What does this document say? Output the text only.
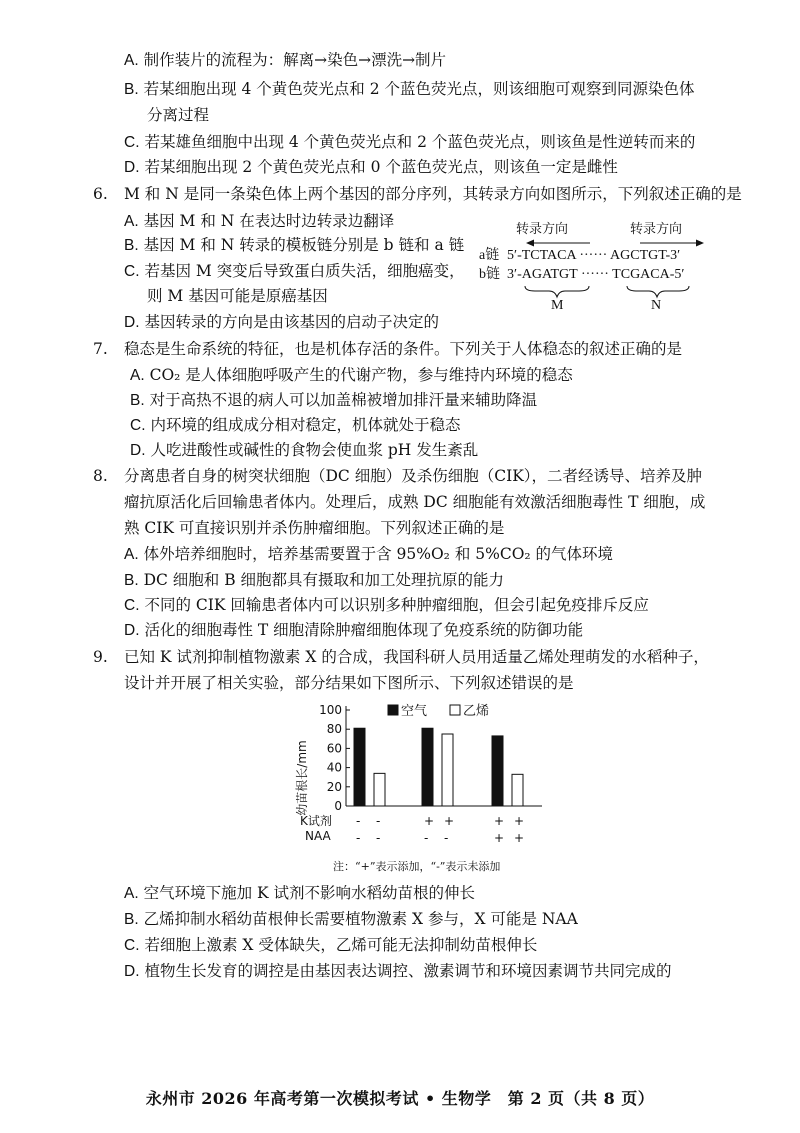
A. 制作装片的流程为：解离→染色→漂洗→制片
B. 若某细胞出现 4 个黄色荧光点和 2 个蓝色荧光点，则该细胞可观察到同源染色体
分离过程
C. 若某雄鱼细胞中出现 4 个黄色荧光点和 2 个蓝色荧光点，则该鱼是性逆转而来的
D. 若某细胞出现 2 个黄色荧光点和 0 个蓝色荧光点，则该鱼一定是雌性
6. M 和 N 是同一条染色体上两个基因的部分序列，其转录方向如图所示，下列叙述正确的是
A. 基因 M 和 N 在表达时边转录边翻译
B. 基因 M 和 N 转录的模板链分别是 b 链和 a 链
C. 若基因 M 突变后导致蛋白质失活，细胞癌变，
则 M 基因可能是原癌基因
D. 基因转录的方向是由该基因的启动子决定的
转录方向	转录方向
a链 5′-TCTACA ······ AGCTGT-3′
b链 3′-AGATGT ······ TCGACA-5′
M	N
7. 稳态是生命系统的特征，也是机体存活的条件。下列关于人体稳态的叙述正确的是
A. CO₂ 是人体细胞呼吸产生的代谢产物，参与维持内环境的稳态
B. 对于高热不退的病人可以加盖棉被增加排汗量来辅助降温
C. 内环境的组成成分相对稳定，机体就处于稳态
D. 人吃进酸性或碱性的食物会使血浆 pH 发生紊乱
8. 分离患者自身的树突状细胞（DC 细胞）及杀伤细胞（CIK），二者经诱导、培养及肿
瘤抗原活化后回输患者体内。处理后，成熟 DC 细胞能有效激活细胞毒性 T 细胞，成
熟 CIK 可直接识别并杀伤肿瘤细胞。下列叙述正确的是
A. 体外培养细胞时，培养基需要置于含 95%O₂ 和 5%CO₂ 的气体环境
B. DC 细胞和 B 细胞都具有摄取和加工处理抗原的能力
C. 不同的 CIK 回输患者体内可以识别多种肿瘤细胞，但会引起免疫排斥反应
D. 活化的细胞毒性 T 细胞清除肿瘤细胞体现了免疫系统的防御功能
9. 已知 K 试剂抑制植物激素 X 的合成，我国科研人员用适量乙烯处理萌发的水稻种子，
设计并开展了相关实验，部分结果如下图所示、下列叙述错误的是
0
20
40
60
80
100	空气	乙烯
幼苗根长/mm
K试剂
NAA
- -	+ +	+ +
- -	- -	+ +
注：“+”表示添加，“-”表示未添加
A. 空气环境下施加 K 试剂不影响水稻幼苗根的伸长
B. 乙烯抑制水稻幼苗根伸长需要植物激素 X 参与，X 可能是 NAA
C. 若细胞上激素 X 受体缺失，乙烯可能无法抑制幼苗根伸长
D. 植物生长发育的调控是由基因表达调控、激素调节和环境因素调节共同完成的
永州市 2026 年高考第一次模拟考试 • 生物学　第 2 页（共 8 页）
